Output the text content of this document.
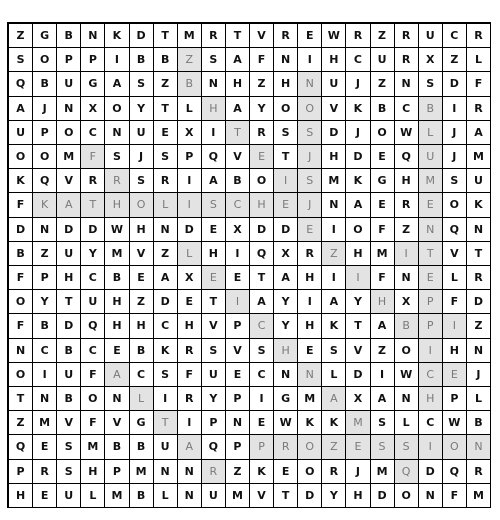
Z	G	B	N	K	D	T	M	R	T	V	R	E	W	R	Z	R	U	C	R
S	O	P	P	I	B	B	Z	S	A	F	N	I	H	C	U	R	X	Z	L
Q	B	U	G	A	S	Z	B	N	H	Z	H	N	U	J	Z	N	S	D	F
A	J	N	X	O	Y	T	L	H	A	Y	O	O	V	K	B	C	B	I	R
U	P	O	C	N	U	E	X	I	T	R	S	S	D	J	O	W	L	J	A
O	O	M	F	S	J	S	P	Q	V	E	T	J	H	D	E	Q	U	J	M
K	Q	V	R	R	S	R	I	A	B	O	I	S	M	K	G	H	M	S	U
F	K	A	T	H	O	L	I	S	C	H	E	J	N	A	E	R	E	O	K
D	N	D	D	W	H	N	D	E	X	D	D	E	I	O	F	Z	N	Q	N
B	Z	U	Y	M	V	Z	L	H	I	Q	X	R	Z	H	M	I	T	V	T
F	P	H	C	B	E	A	X	E	E	T	A	H	I	I	F	N	E	L	R
O	Y	T	U	H	Z	D	E	T	I	A	Y	I	A	Y	H	X	P	F	D
F	B	D	Q	H	H	C	H	V	P	C	Y	H	K	T	A	B	P	I	Z
N	C	B	C	E	B	K	R	S	V	S	H	E	S	V	Z	O	I	H	N
O	I	U	F	A	C	S	F	U	E	C	N	N	L	D	I	W	C	E	J
T	N	B	O	N	L	I	R	Y	P	I	G	M	A	X	A	N	H	P	L
Z	M	V	F	V	G	T	I	P	N	E	W	K	K	M	S	L	C	W	B
Q	E	S	M	B	B	U	A	Q	P	P	R	O	Z	E	S	S	I	O	N
P	R	S	H	P	M	N	N	R	Z	K	E	O	R	J	M	Q	D	Q	R
H	E	U	L	M	B	L	N	U	M	V	T	D	Y	H	D	O	N	F	M
